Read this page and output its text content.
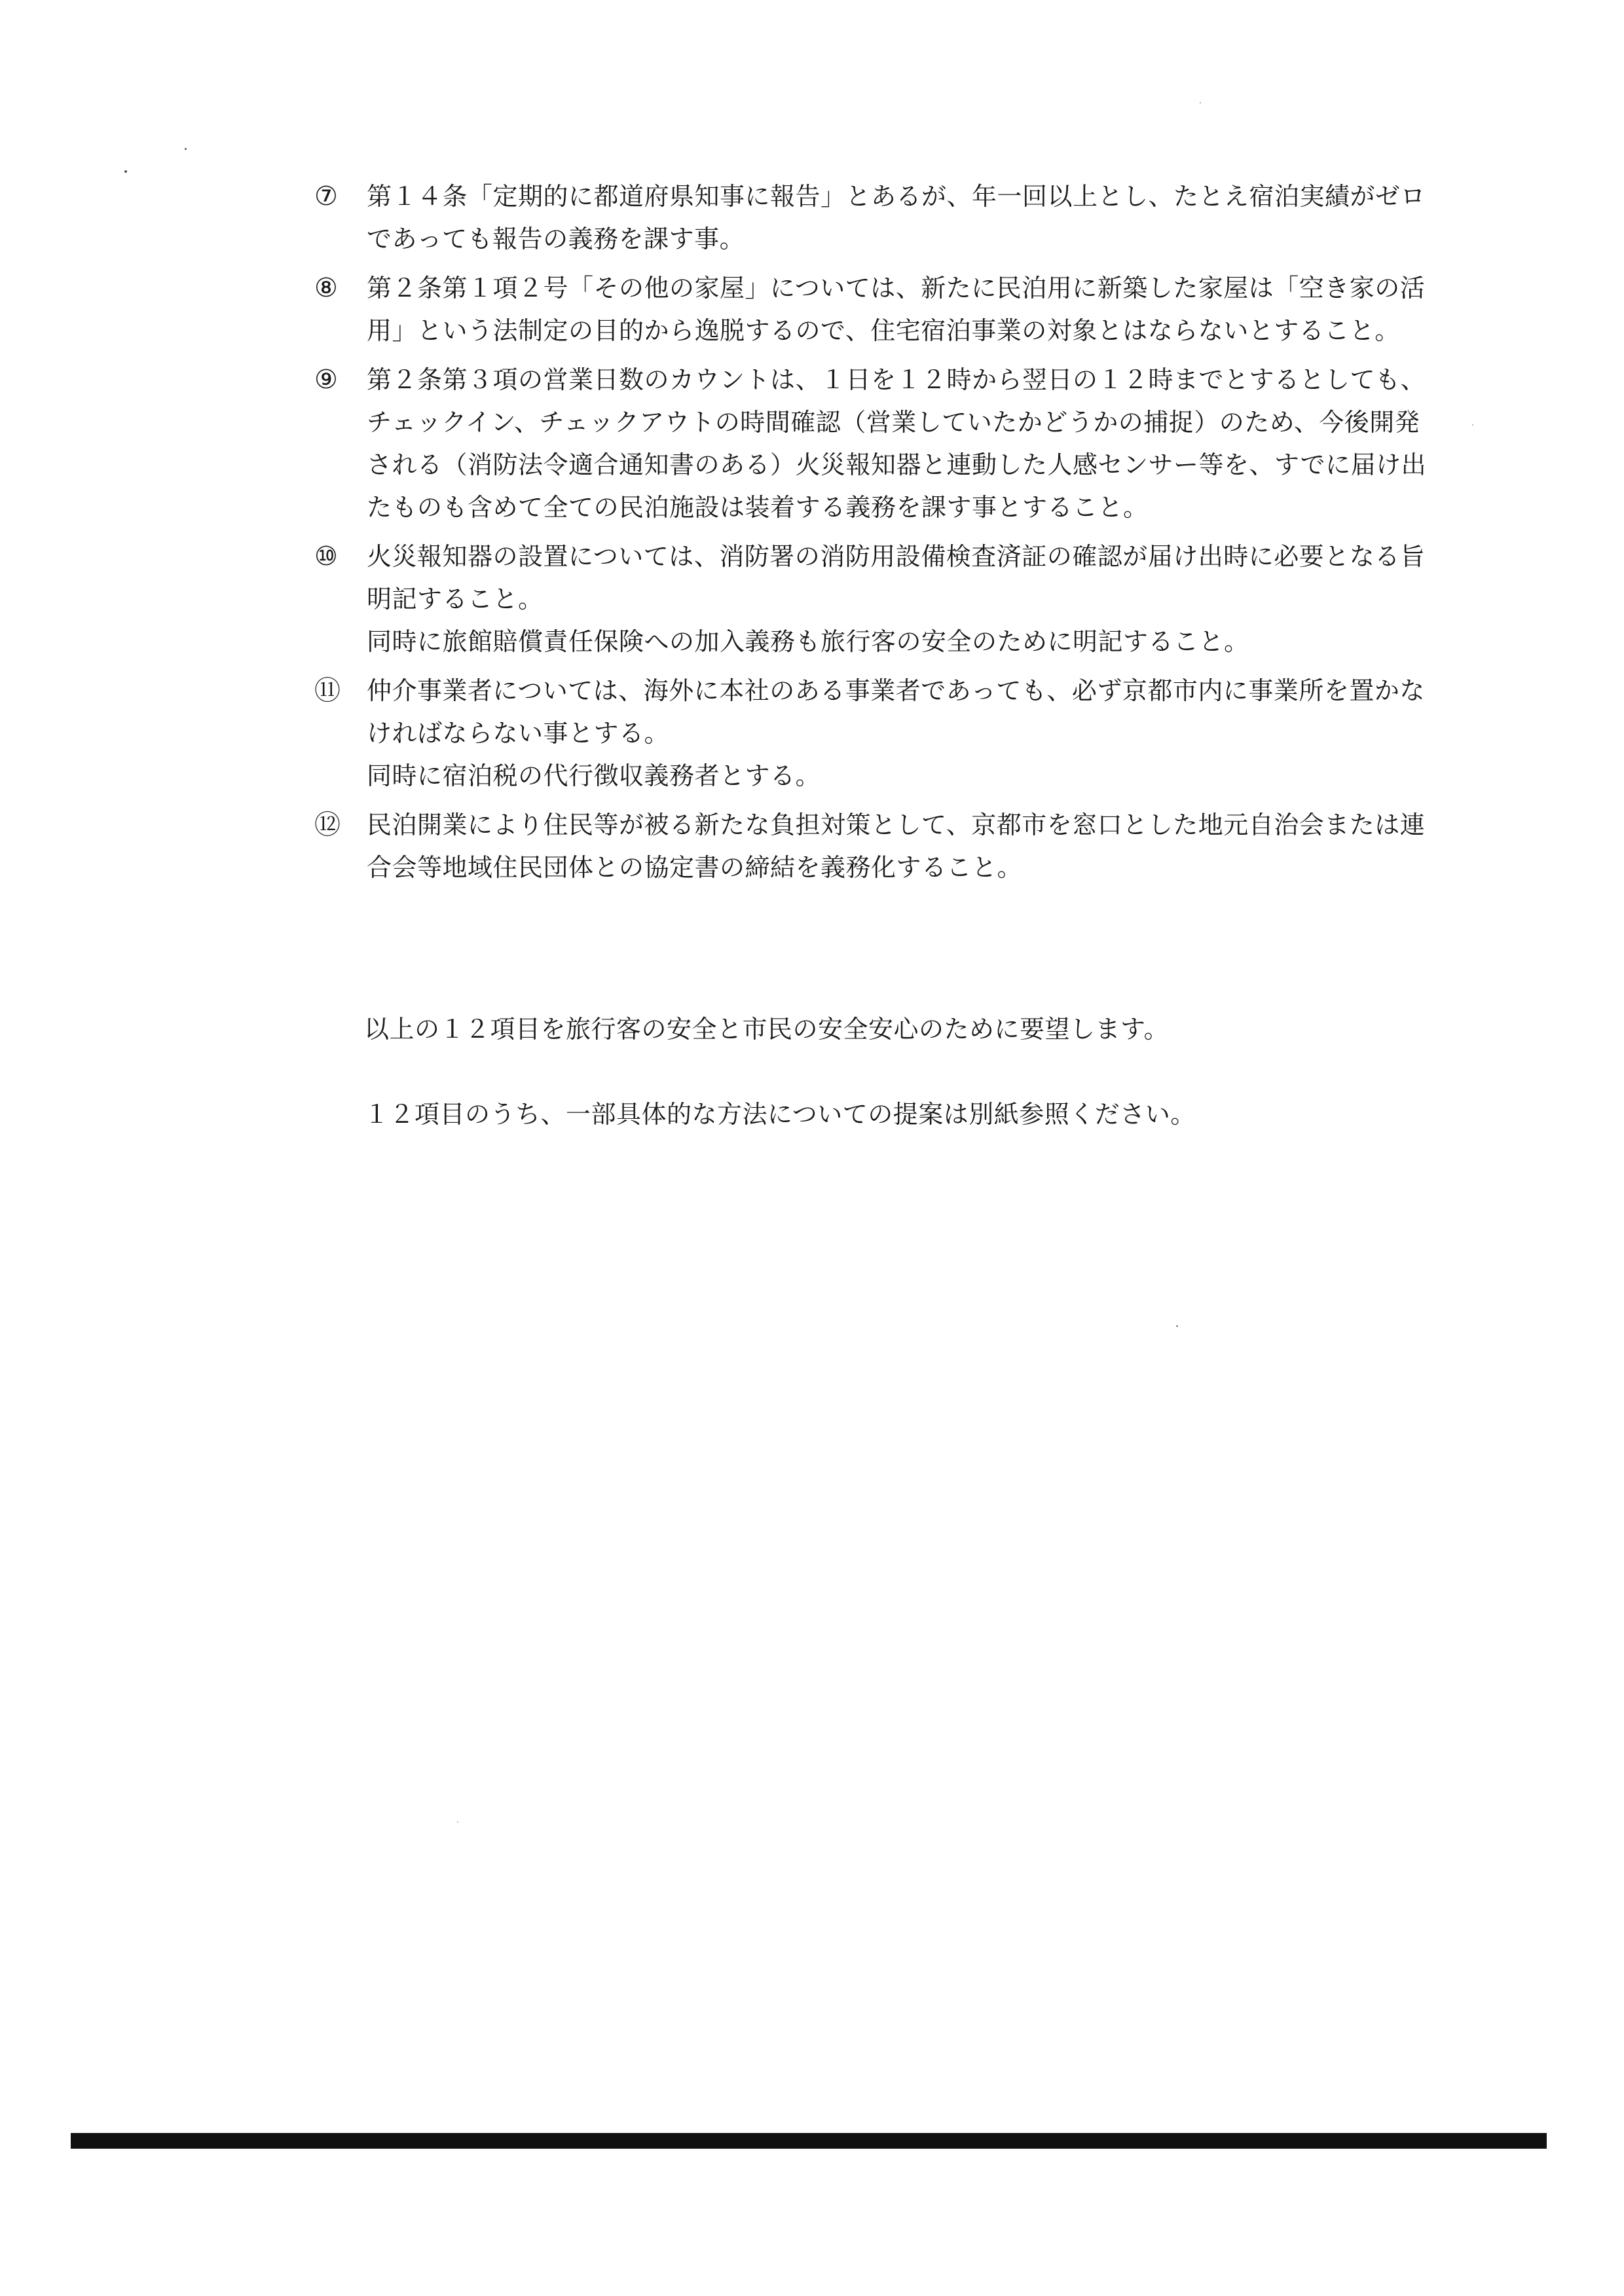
⑦	第１４条「定期的に都道府県知事に報告」とあるが、年一回以上とし、たとえ宿泊実績がゼロであっても報告の義務を課す事。

⑧	第２条第１項２号「その他の家屋」については、新たに民泊用に新築した家屋は「空き家の活用」という法制定の目的から逸脱するので、住宅宿泊事業の対象とはならないとすること。

⑨	第２条第３項の営業日数のカウントは、１日を１２時から翌日の１２時までとするとしても、チェックイン、チェックアウトの時間確認（営業していたかどうかの捕捉）のため、今後開発される（消防法令適合通知書のある）火災報知器と連動した人感センサー等を、すでに届け出たものも含めて全ての民泊施設は装着する義務を課す事とすること。

⑩	火災報知器の設置については、消防署の消防用設備検査済証の確認が届け出時に必要となる旨明記すること。

同時に旅館賠償責任保険への加入義務も旅行客の安全のために明記すること。

⑪	仲介事業者については、海外に本社のある事業者であっても、必ず京都市内に事業所を置かなければならない事とする。

同時に宿泊税の代行徴収義務者とする。

⑫	民泊開業により住民等が被る新たな負担対策として、京都市を窓口とした地元自治会または連合会等地域住民団体との協定書の締結を義務化すること。

以上の１２項目を旅行客の安全と市民の安全安心のために要望します。

１２項目のうち、一部具体的な方法についての提案は別紙参照ください。
